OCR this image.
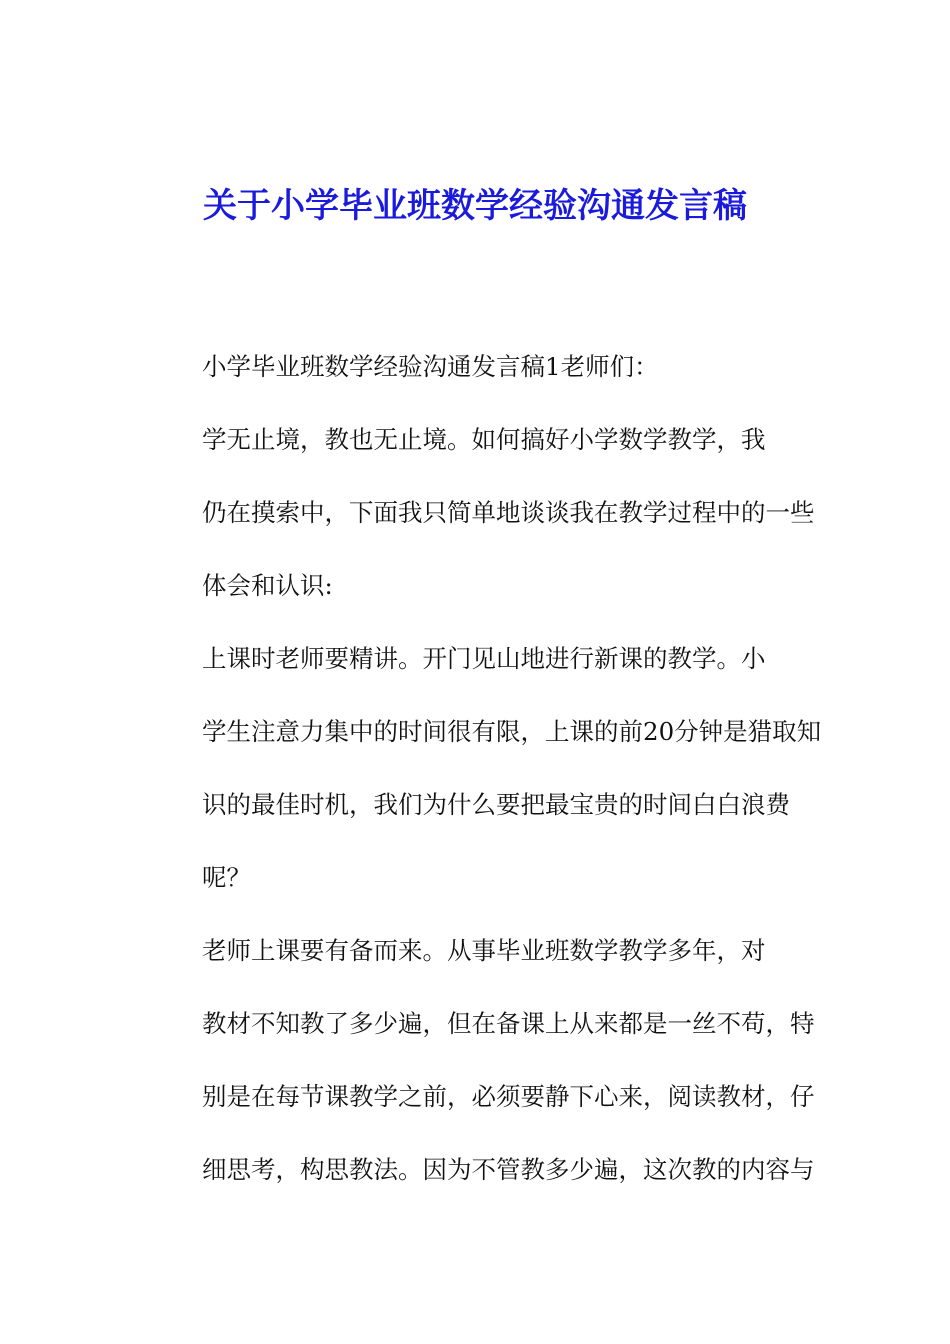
关于小学毕业班数学经验沟通发言稿

小学毕业班数学经验沟通发言稿1老师们：

学无止境，教也无止境。如何搞好小学数学教学，我
仍在摸索中，下面我只简单地谈谈我在教学过程中的一些
体会和认识:

上课时老师要精讲。开门见山地进行新课的教学。小
学生注意力集中的时间很有限，上课的前20分钟是猎取知
识的最佳时机，我们为什么要把最宝贵的时间白白浪费
呢？

老师上课要有备而来。从事毕业班数学教学多年，对
教材不知教了多少遍，但在备课上从来都是一丝不苟，特
别是在每节课教学之前，必须要静下心来，阅读教材，仔
细思考，构思教法。因为不管教多少遍，这次教的内容与
